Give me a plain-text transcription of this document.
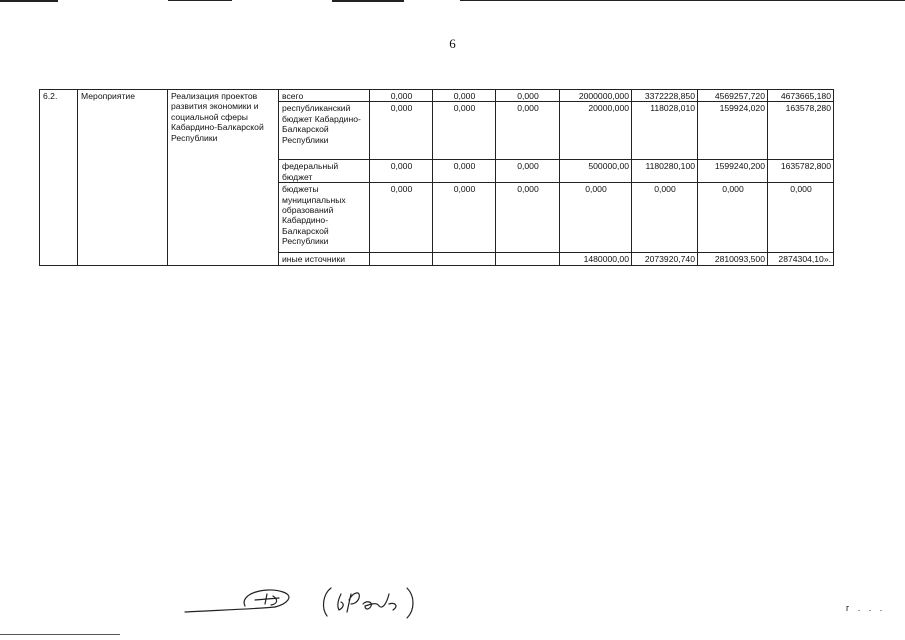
6
6.2.	Мероприятие	Реализация проектов развития экономики и социальной сферы Кабардино-Балкарской Республики	всего	0,000	0,000	0,000	2000000,000	3372228,850	4569257,720	4673665,180
			республиканский бюджет Кабардино-Балкарской Республики	0,000	0,000	0,000	20000,000	118028,010	159924,020	163578,280
			федеральный бюджет	0,000	0,000	0,000	500000,00	1180280,100	1599240,200	1635782,800
			бюджеты муниципальных образований Кабардино-Балкарской Республики	0,000	0,000	0,000	0,000	0,000	0,000	0,000
			иные источники				1480000,00	2073920,740	2810093,500	2874304,10».
г . . .
